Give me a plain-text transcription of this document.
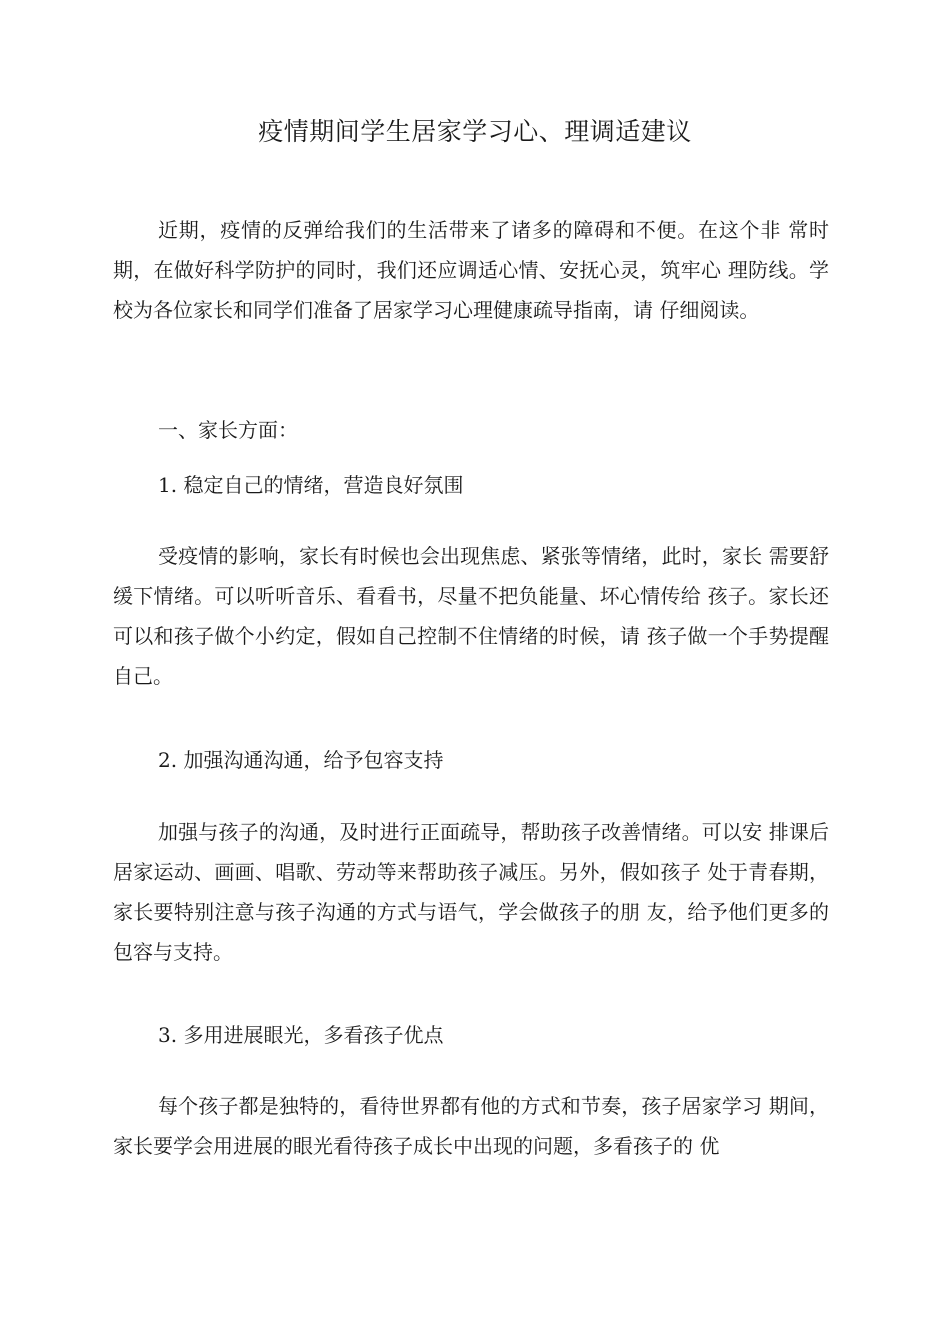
疫情期间学生居家学习心、理调适建议

近期，疫情的反弹给我们的生活带来了诸多的障碍和不便。在这个非 常时期，在做好科学防护的同时，我们还应调适心情、安抚心灵，筑牢心 理防线。学校为各位家长和同学们准备了居家学习心理健康疏导指南，请 仔细阅读。

一、家长方面：

1. 稳定自己的情绪，营造良好氛围

受疫情的影响，家长有时候也会出现焦虑、紧张等情绪，此时，家长 需要舒缓下情绪。可以听听音乐、看看书，尽量不把负能量、坏心情传给 孩子。家长还可以和孩子做个小约定，假如自己控制不住情绪的时候，请 孩子做一个手势提醒自己。

2. 加强沟通沟通，给予包容支持

加强与孩子的沟通，及时进行正面疏导，帮助孩子改善情绪。可以安 排课后居家运动、画画、唱歌、劳动等来帮助孩子减压。另外，假如孩子 处于青春期，家长要特别注意与孩子沟通的方式与语气，学会做孩子的朋 友，给予他们更多的包容与支持。

3. 多用进展眼光，多看孩子优点

每个孩子都是独特的，看待世界都有他的方式和节奏，孩子居家学习 期间，家长要学会用进展的眼光看待孩子成长中出现的问题，多看孩子的 优
